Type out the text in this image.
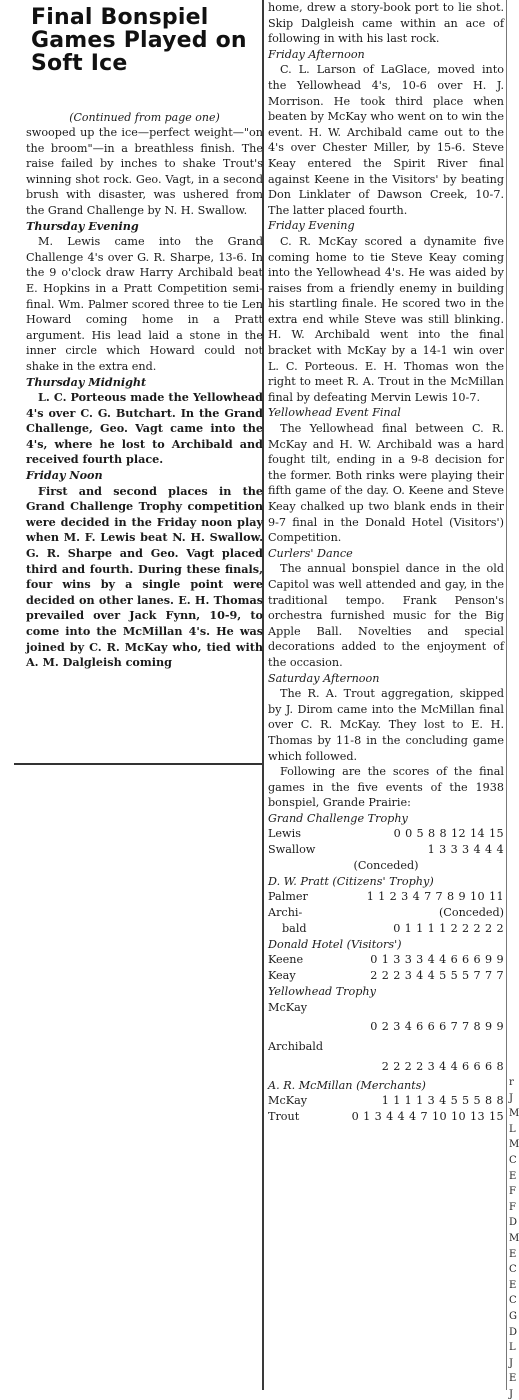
Final Bonspiel Games Played on Soft Ice
(Continued from page one)
swooped up the ice—perfect weight—"on the broom"—in a breathless finish. The raise failed by inches to shake Trout's winning shot rock. Geo. Vagt, in a second brush with disaster, was ushered from the Grand Challenge by N. H. Swallow.
Thursday Evening
M. Lewis came into the Grand Challenge 4's over G. R. Sharpe, 13-6. In the 9 o'clock draw Harry Archibald beat E. Hopkins in a Pratt Competition semi-final. Wm. Palmer scored three to tie Len Howard coming home in a Pratt argument. His lead laid a stone in the inner circle which Howard could not shake in the extra end.
Thursday Midnight
L. C. Porteous made the Yellowhead 4's over C. G. Butchart. In the Grand Challenge, Geo. Vagt came into the 4's, where he lost to Archibald and received fourth place.
Friday Noon
First and second places in the Grand Challenge Trophy competition were decided in the Friday noon play when M. F. Lewis beat N. H. Swallow. G. R. Sharpe and Geo. Vagt placed third and fourth. During these finals, four wins by a single point were decided on other lanes. E. H. Thomas prevailed over Jack Fynn, 10-9, to come into the McMillan 4's. He was joined by C. R. McKay who, tied with A. M. Dalgleish coming
home, drew a story-book port to lie shot. Skip Dalgleish came within an ace of following in with his last rock.
Friday Afternoon
C. L. Larson of LaGlace, moved into the Yellowhead 4's, 10-6 over H. J. Morrison. He took third place when beaten by McKay who went on to win the event. H. W. Archibald came out to the 4's over Chester Miller, by 15-6. Steve Keay entered the Spirit River final against Keene in the Visitors' by beating Don Linklater of Dawson Creek, 10-7. The latter placed fourth.
Friday Evening
C. R. McKay scored a dynamite five coming home to tie Steve Keay coming into the Yellowhead 4's. He was aided by raises from a friendly enemy in building his startling finale. He scored two in the extra end while Steve was still blinking. H. W. Archibald went into the final bracket with McKay by a 14-1 win over L. C. Porteous. E. H. Thomas won the right to meet R. A. Trout in the McMillan final by defeating Mervin Lewis 10-7.
Yellowhead Event Final
The Yellowhead final between C. R. McKay and H. W. Archibald was a hard fought tilt, ending in a 9-8 decision for the former. Both rinks were playing their fifth game of the day. O. Keene and Steve Keay chalked up two blank ends in their 9-7 final in the Donald Hotel (Visitors') Competition.
Curlers' Dance
The annual bonspiel dance in the old Capitol was well attended and gay, in the traditional tempo. Frank Penson's orchestra furnished music for the Big Apple Ball. Novelties and special decorations added to the enjoyment of the occasion.
Saturday Afternoon
The R. A. Trout aggregation, skipped by J. Dirom came into the McMillan final over C. R. McKay. They lost to E. H. Thomas by 11-8 in the concluding game which followed.
Following are the scores of the final games in the five events of the 1938 bonspiel, Grande Prairie:
Grand Challenge Trophy
Lewis	0 0 5 8 8 12 14 15
Swallow	1 3 3 3 4 4 4
(Conceded)
D. W. Pratt (Citizens' Trophy)
Palmer	1 1 2 3 4 7 7 8 9 10 11
Archi-	(Conceded)
bald	0 1 1 1 1 2 2 2 2 2
Donald Hotel (Visitors')
Keene	0 1 3 3 3 4 4 6 6 6 9 9
Keay	2 2 2 3 4 4 5 5 5 7 7 7
Yellowhead Trophy
McKay
0 2 3 4 6 6 6 7 7 8 9 9
Archibald
2 2 2 2 3 4 4 6 6 6 8
A. R. McMillan (Merchants)
McKay	1 1 1 1 3 4 5 5 5 8 8
Trout	0 1 3 4 4 4 7 10 10 13 15
r
J
M
L
M
C
E
F
F
D
M
E
C
E
C
G
D
L
J
E
J
